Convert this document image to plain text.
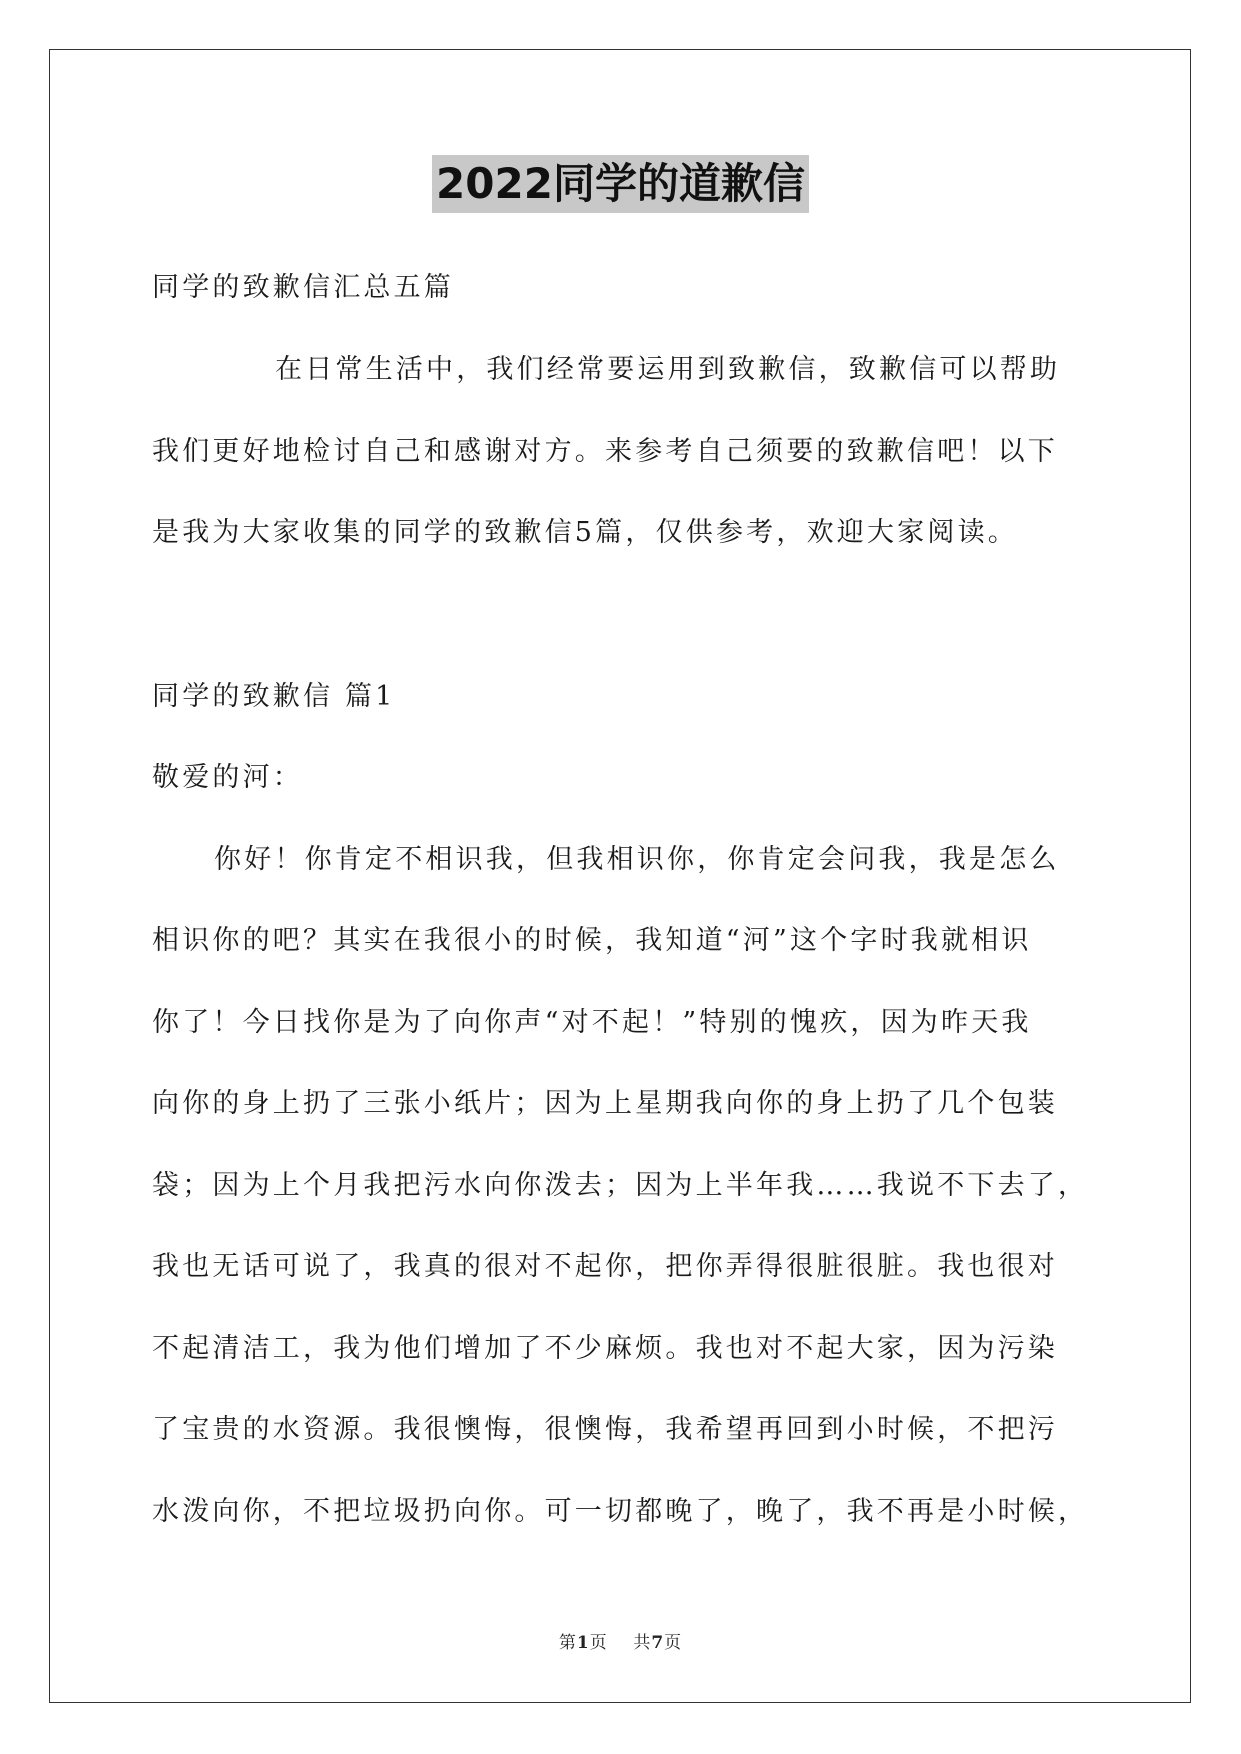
2022同学的道歉信
同学的致歉信汇总五篇
在日常生活中，我们经常要运用到致歉信，致歉信可以帮助
我们更好地检讨自己和感谢对方。来参考自己须要的致歉信吧！以下
是我为大家收集的同学的致歉信5篇，仅供参考，欢迎大家阅读。
同学的致歉信 篇1
敬爱的河：
你好！你肯定不相识我，但我相识你，你肯定会问我，我是怎么
相识你的吧？其实在我很小的时候，我知道“河”这个字时我就相识
你了！今日找你是为了向你声“对不起！”特别的愧疚，因为昨天我
向你的身上扔了三张小纸片；因为上星期我向你的身上扔了几个包装
袋；因为上个月我把污水向你泼去；因为上半年我……我说不下去了，
我也无话可说了，我真的很对不起你，把你弄得很脏很脏。我也很对
不起清洁工，我为他们增加了不少麻烦。我也对不起大家，因为污染
了宝贵的水资源。我很懊悔，很懊悔，我希望再回到小时候，不把污
水泼向你，不把垃圾扔向你。可一切都晚了，晚了，我不再是小时候，
第1页 共7页
